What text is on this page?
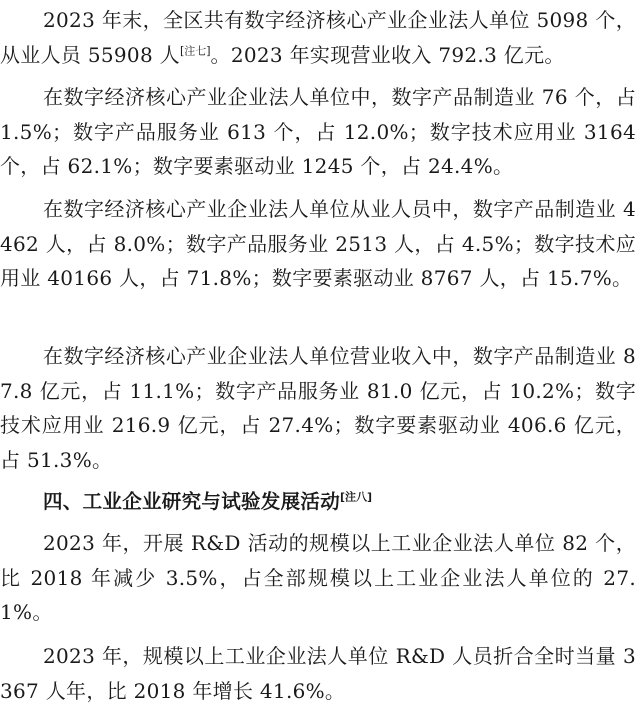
2023 年末，全区共有数字经济核心产业企业法人单位 5098 个，从业人员 55908 人[注七]。2023 年实现营业收入 792.3 亿元。

在数字经济核心产业企业法人单位中，数字产品制造业 76 个，占 1.5%；数字产品服务业 613 个，占 12.0%；数字技术应用业 3164 个，占 62.1%；数字要素驱动业 1245 个，占 24.4%。

在数字经济核心产业企业法人单位从业人员中，数字产品制造业 4462 人，占 8.0%；数字产品服务业 2513 人，占 4.5%；数字技术应用业 40166 人，占 71.8%；数字要素驱动业 8767 人，占 15.7%。

在数字经济核心产业企业法人单位营业收入中，数字产品制造业 87.8 亿元，占 11.1%；数字产品服务业 81.0 亿元，占 10.2%；数字技术应用业 216.9 亿元，占 27.4%；数字要素驱动业 406.6 亿元，占 51.3%。

四、工业企业研究与试验发展活动[注八]

2023 年，开展 R&D 活动的规模以上工业企业法人单位 82 个，比 2018 年减少 3.5%，占全部规模以上工业企业法人单位的 27.1%。

2023 年，规模以上工业企业法人单位 R&D 人员折合全时当量 3367 人年，比 2018 年增长 41.6%。
